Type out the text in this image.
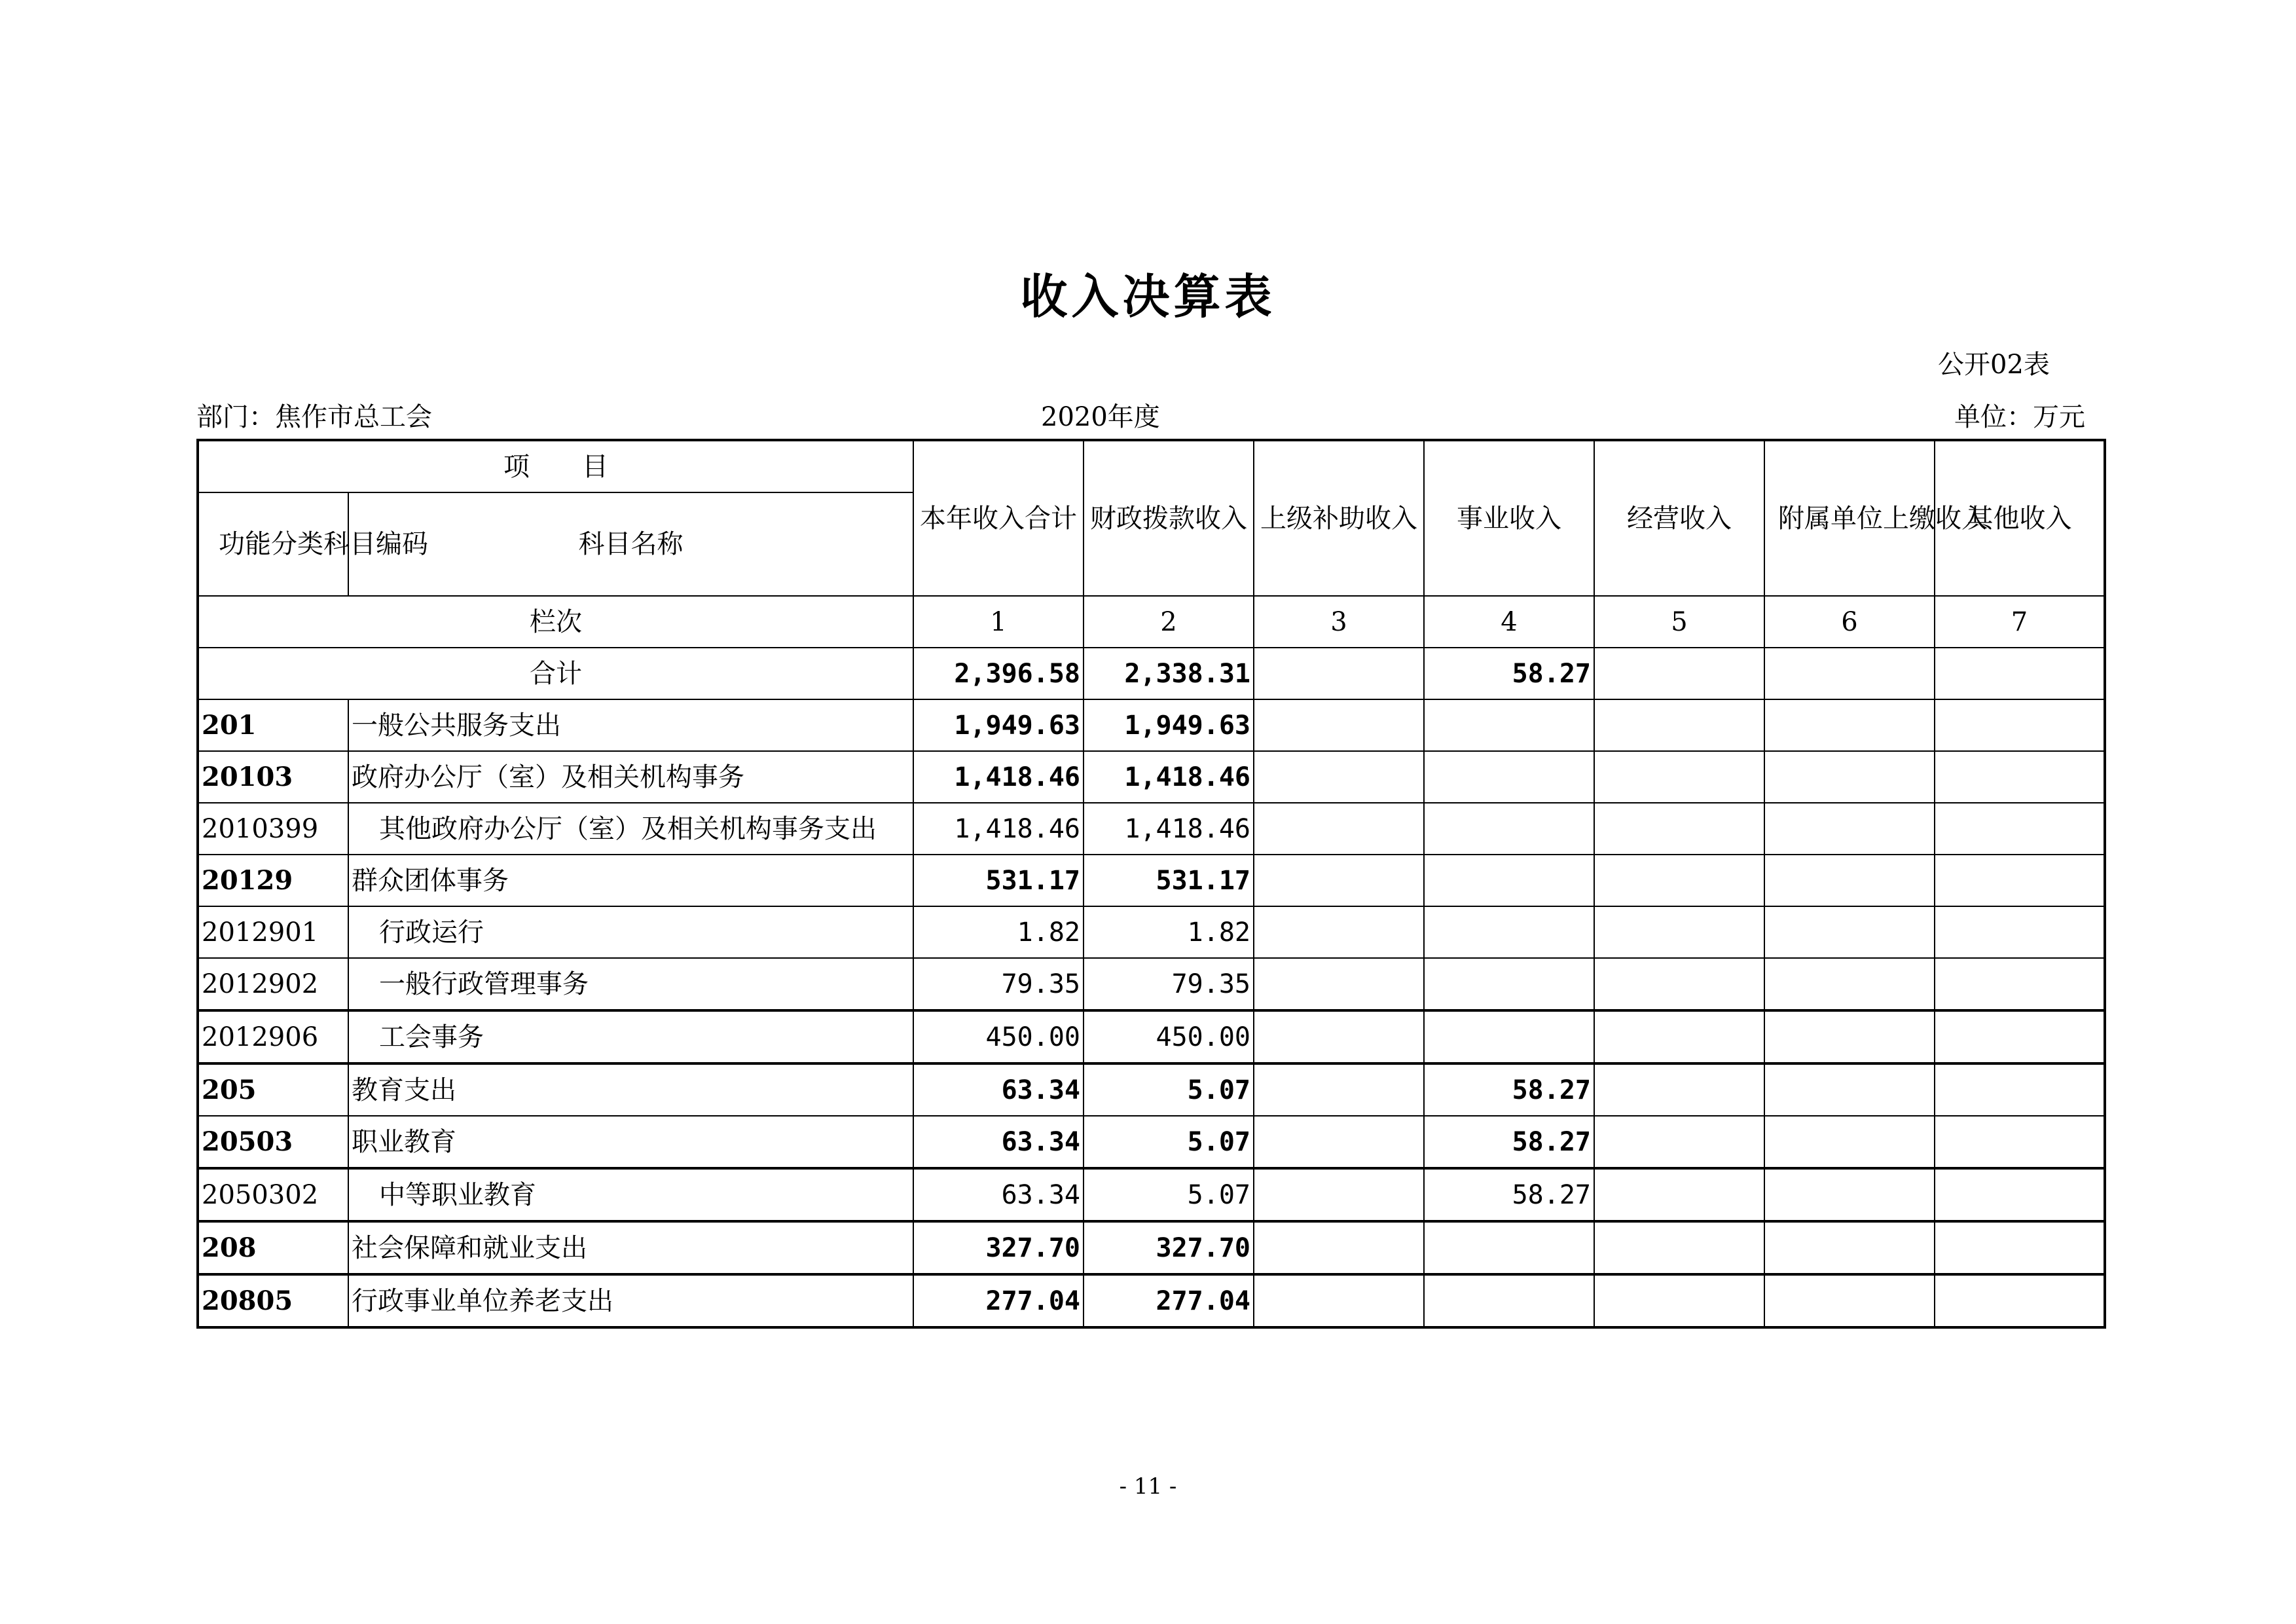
收入决算表
公开02表
部门：焦作市总工会	2020年度	单位：万元
项　　目		本年收入合计	财政拨款收入	上级补助收入	事业收入	经营收入	附属单位上缴收入	其他收入
功能分类科目编码	科目名称							
栏次		1	2	3	4	5	6	7
合计		2,396.58	2,338.31		58.27			
201	一般公共服务支出	1,949.63	1,949.63					
20103	政府办公厅（室）及相关机构事务	1,418.46	1,418.46					
2010399	其他政府办公厅（室）及相关机构事务支出	1,418.46	1,418.46					
20129	群众团体事务	531.17	531.17					
2012901	行政运行	1.82	1.82					
2012902	一般行政管理事务	79.35	79.35					
2012906	工会事务	450.00	450.00					
205	教育支出	63.34	5.07		58.27			
20503	职业教育	63.34	5.07		58.27			
2050302	中等职业教育	63.34	5.07		58.27			
208	社会保障和就业支出	327.70	327.70					
20805	行政事业单位养老支出	277.04	277.04					
- 11 -
